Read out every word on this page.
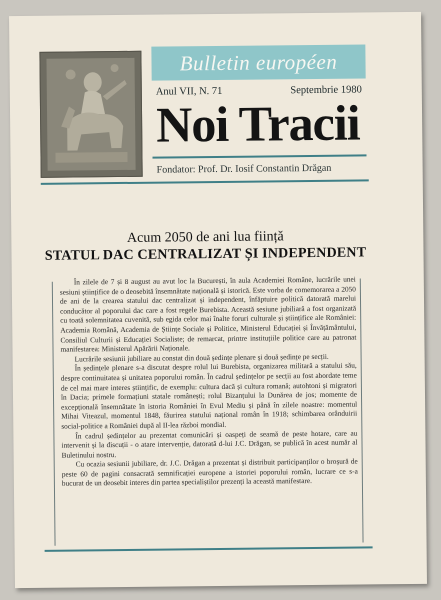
Bulletin européen
Anul VII, N. 71	Septembrie 1980
Noi Tracii
Fondator: Prof. Dr. Iosif Constantin Drăgan
Acum 2050 de ani lua ființă
STATUL DAC CENTRALIZAT ȘI INDEPENDENT

În zilele de 7 și 8 august au avut loc la București, în aula Academiei Române, lucrările unei sesiuni științifice de o deosebită însemnătate națională și istorică. Este vorba de comemorarea a 2050 de ani de la crearea statului dac centralizat și independent, înfăptuire politică datorată marelui conducător al poporului dac care a fost regele Burebista. Această sesiune jubiliară a fost organizată cu toată solemnitatea cuvenită, sub egida celor mai înalte foruri culturale și științifice ale României: Academia Română, Academia de Științe Sociale și Politice, Ministerul Educației și Învățământului, Consiliul Culturii și Educației Socialiste; de remarcat, printre instituțiile politice care au patronat manifestarea: Ministerul Apărării Naționale.

Lucrările sesiunii jubiliare au constat din două ședințe plenare și două ședințe pe secții.

În ședințele plenare s-a discutat despre rolul lui Burebista, organizarea militară a statului său, despre continuitatea și unitatea poporului român. În cadrul ședințelor pe secții au fost abordate teme de cel mai mare interes științific, de exemplu: cultura dacă și cultura romană; autohtoni și migratori în Dacia; primele formațiuni statale românești; rolul Bizanțului la Dunărea de jos; momente de excepțională însemnătate în istoria României în Evul Mediu și până în zilele noastre: momentul Mihai Viteazul, momentul 1848, făurirea statului național român în 1918; schimbarea orânduirii social-politice a României după al II-lea război mondial.

În cadrul ședințelor au prezentat comunicări și oaspeți de seamă de peste hotare, care au intervenit și la discuții - o atare intervenție, datorată d-lui J.C. Drăgan, se publică în acest număr al Buletinului nostru.

Cu ocazia sesiunii jubiliare, dr. J.C. Drăgan a prezentat și distribuit participanților o broșură de peste 60 de pagini consacrată semnificației europene a istoriei poporului român, lucrare ce s-a bucurat de un deosebit interes din partea specialiștilor prezenți la această manifestare.
